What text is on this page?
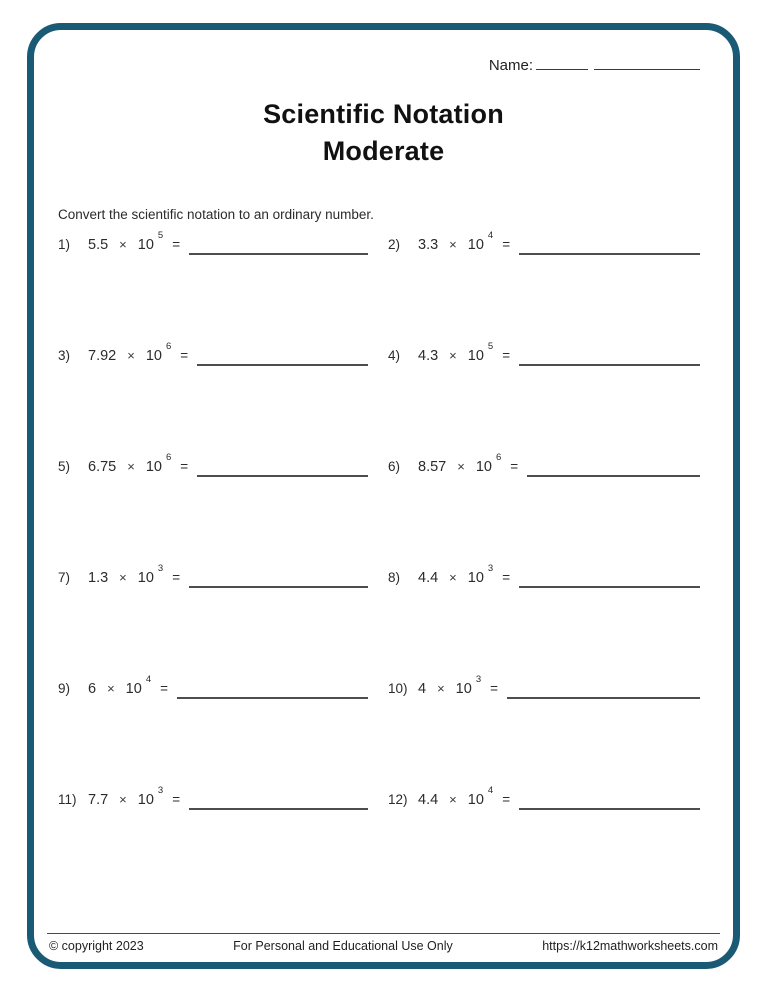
Name:
Scientific Notation
Moderate
Convert the scientific notation to an ordinary number.
1)	$5.5 \times 10^5$
=	2)	$3.3 \times 10^4$
=
3)	$7.92 \times 10^6$
=	4)	$4.3 \times 10^5$
=
5)	$6.75 \times 10^6$
=	6)	$8.57 \times 10^6$
=
7)	$1.3 \times 10^3$
=	8)	$4.4 \times 10^3$
=
9)	$6 \times 10^4$
=	10) $4 \times 10^3$
=
11) $7.7 \times 10^3$
=	12) $4.4 \times 10^4$
=
© copyright 2023	For Personal and Educational Use Only	https://k12mathworksheets.com
